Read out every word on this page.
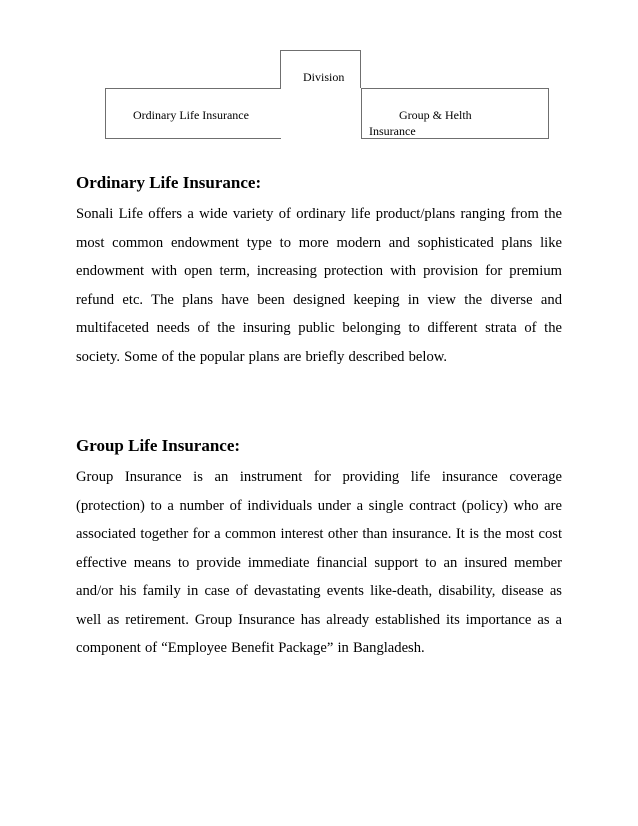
Division
Ordinary Life Insurance	Group & Helth
Insurance
Ordinary Life Insurance:

Sonali Life offers a wide variety of ordinary life product/plans ranging from the most common endowment type to more modern and sophisticated plans like endowment with open term, increasing protection with provision for premium refund etc. The plans have been designed keeping in view the diverse and multifaceted needs of the insuring public belonging to different strata of the society. Some of the popular plans are briefly described below.

Group Life Insurance:

Group Insurance is an instrument for providing life insurance coverage (protection) to a number of individuals under a single contract (policy) who are associated together for a common interest other than insurance. It is the most cost effective means to provide immediate financial support to an insured member and/or his family in case of devastating events like-death, disability, disease as well as retirement. Group Insurance has already established its importance as a component of “Employee Benefit Package” in Bangladesh.
